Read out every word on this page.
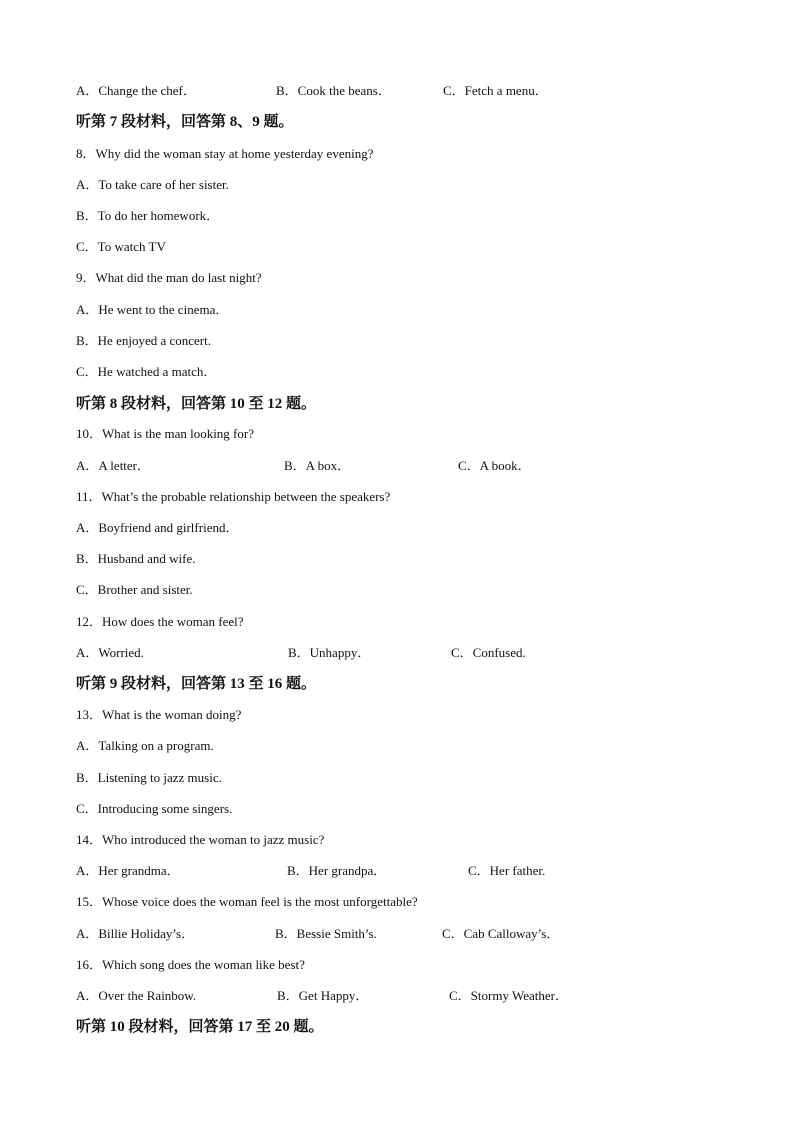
A．Change the chef．	B．Cook the beans．	C．Fetch a menu．
听第 7 段材料，回答第 8、9 题。
8．Why did the woman stay at home yesterday evening?
A．To take care of her sister.
B．To do her homework．
C．To watch TV
9．What did the man do last night?
A．He went to the cinema．
B．He enjoyed a concert.
C．He watched a match．
听第 8 段材料，回答第 10 至 12 题。
10．What is the man looking for?
A．A letter．	B．A box．	C．A book．
11．What’s the probable relationship between the speakers?
A．Boyfriend and girlfriend．
B．Husband and wife.
C．Brother and sister.
12．How does the woman feel?
A．Worried.	B．Unhappy．	C．Confused.
听第 9 段材料，回答第 13 至 16 题。
13．What is the woman doing?
A．Talking on a program.
B．Listening to jazz music.
C．Introducing some singers.
14．Who introduced the woman to jazz music?
A．Her grandma．	B．Her grandpa．	C．Her father.
15．Whose voice does the woman feel is the most unforgettable?
A．Billie Holiday’s．	B．Bessie Smith’s.	C．Cab Calloway’s．
16．Which song does the woman like best?
A．Over the Rainbow.	B．Get Happy．	C．Stormy Weather．
听第 10 段材料，回答第 17 至 20 题。
